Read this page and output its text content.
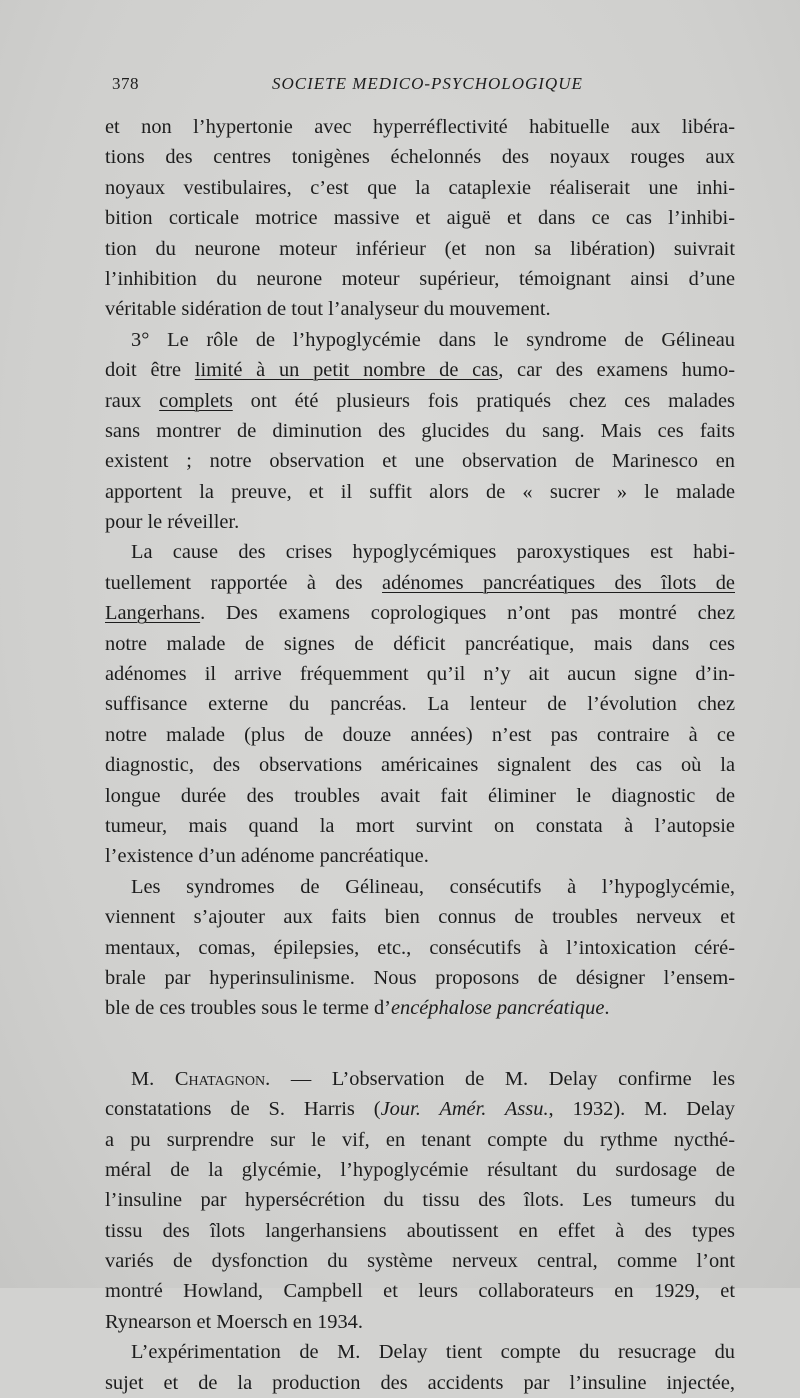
378	SOCIETE MEDICO-PSYCHOLOGIQUE
et non l’hypertonie avec hyperréflectivité habituelle aux libéra-
tions des centres tonigènes échelonnés des noyaux rouges aux
noyaux vestibulaires, c’est que la cataplexie réaliserait une inhi-
bition corticale motrice massive et aiguë et dans ce cas l’inhibi-
tion du neurone moteur inférieur (et non sa libération) suivrait
l’inhibition du neurone moteur supérieur, témoignant ainsi d’une
véritable sidération de tout l’analyseur du mouvement.
3° Le rôle de l’hypoglycémie dans le syndrome de Gélineau
doit être limité à un petit nombre de cas, car des examens humo-
raux complets ont été plusieurs fois pratiqués chez ces malades
sans montrer de diminution des glucides du sang. Mais ces faits
existent ; notre observation et une observation de Marinesco en
apportent la preuve, et il suffit alors de « sucrer » le malade
pour le réveiller.
La cause des crises hypoglycémiques paroxystiques est habi-
tuellement rapportée à des adénomes pancréatiques des îlots de
Langerhans. Des examens coprologiques n’ont pas montré chez
notre malade de signes de déficit pancréatique, mais dans ces
adénomes il arrive fréquemment qu’il n’y ait aucun signe d’in-
suffisance externe du pancréas. La lenteur de l’évolution chez
notre malade (plus de douze années) n’est pas contraire à ce
diagnostic, des observations américaines signalent des cas où la
longue durée des troubles avait fait éliminer le diagnostic de
tumeur, mais quand la mort survint on constata à l’autopsie
l’existence d’un adénome pancréatique.
Les syndromes de Gélineau, consécutifs à l’hypoglycémie,
viennent s’ajouter aux faits bien connus de troubles nerveux et
mentaux, comas, épilepsies, etc., consécutifs à l’intoxication céré-
brale par hyperinsulinisme. Nous proposons de désigner l’ensem-
ble de ces troubles sous le terme d’encéphalose pancréatique.
M. Chatagnon. — L’observation de M. Delay confirme les
constatations de S. Harris (Jour. Amér. Assu., 1932). M. Delay
a pu surprendre sur le vif, en tenant compte du rythme nycthé-
méral de la glycémie, l’hypoglycémie résultant du surdosage de
l’insuline par hypersécrétion du tissu des îlots. Les tumeurs du
tissu des îlots langerhansiens aboutissent en effet à des types
variés de dysfonction du système nerveux central, comme l’ont
montré Howland, Campbell et leurs collaborateurs en 1929, et
Rynearson et Moersch en 1934.
L’expérimentation de M. Delay tient compte du resucrage du
sujet et de la production des accidents par l’insuline injectée,
